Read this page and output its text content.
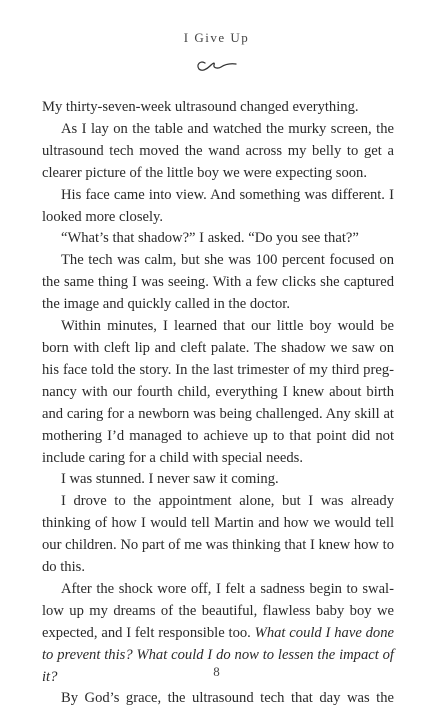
I Give Up

My thirty-seven-week ultrasound changed everything.

As I lay on the table and watched the murky screen, the ultrasound tech moved the wand across my belly to get a clearer picture of the little boy we were expecting soon.

His face came into view. And something was different. I looked more closely.

“What’s that shadow?” I asked. “Do you see that?”

The tech was calm, but she was 100 percent focused on the same thing I was seeing. With a few clicks she captured the image and quickly called in the doctor.

Within minutes, I learned that our little boy would be born with cleft lip and cleft palate. The shadow we saw on his face told the story. In the last trimester of my third pregnancy with our fourth child, everything I knew about birth and caring for a newborn was being challenged. Any skill at mothering I’d managed to achieve up to that point did not include caring for a child with special needs.

I was stunned. I never saw it coming.

I drove to the appointment alone, but I was already thinking of how I would tell Martin and how we would tell our children. No part of me was thinking that I knew how to do this.

After the shock wore off, I felt a sadness begin to swallow up my dreams of the beautiful, flawless baby boy we expected, and I felt responsible too. What could I have done to prevent this? What could I do now to lessen the impact of it?

By God’s grace, the ultrasound tech that day was the

8
